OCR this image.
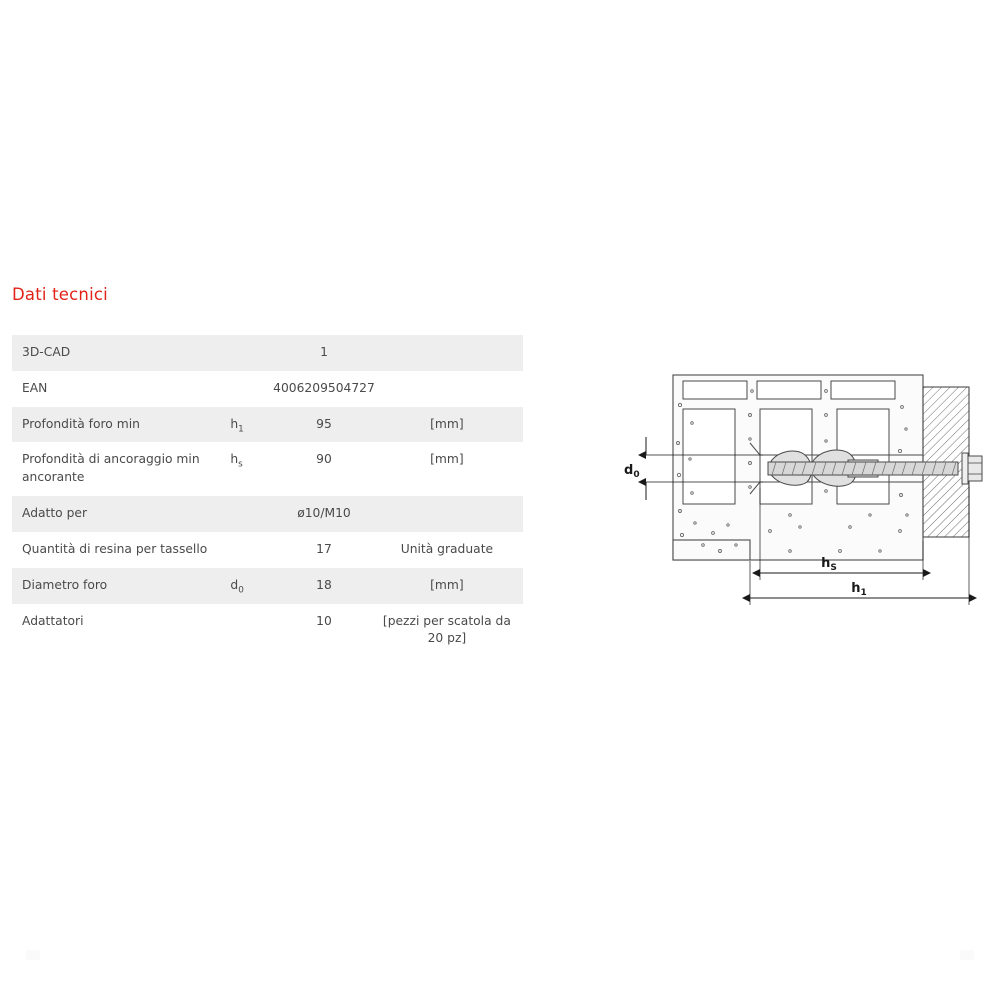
Dati tecnici
3D-CAD		1	
EAN		4006209504727	
Profondità foro min	$h_1$	95	[mm]
Profondità di ancoraggio min ancorante	$h_s$	90	[mm]
Adatto per		ø10/M10	
Quantità di resina per tassello		17	Unità graduate
Diametro foro	$d_0$	18	[mm]
Adattatori		10	[pezzi per scatola da 20 pz]
$d_0$
$h_S$
$h_1$
